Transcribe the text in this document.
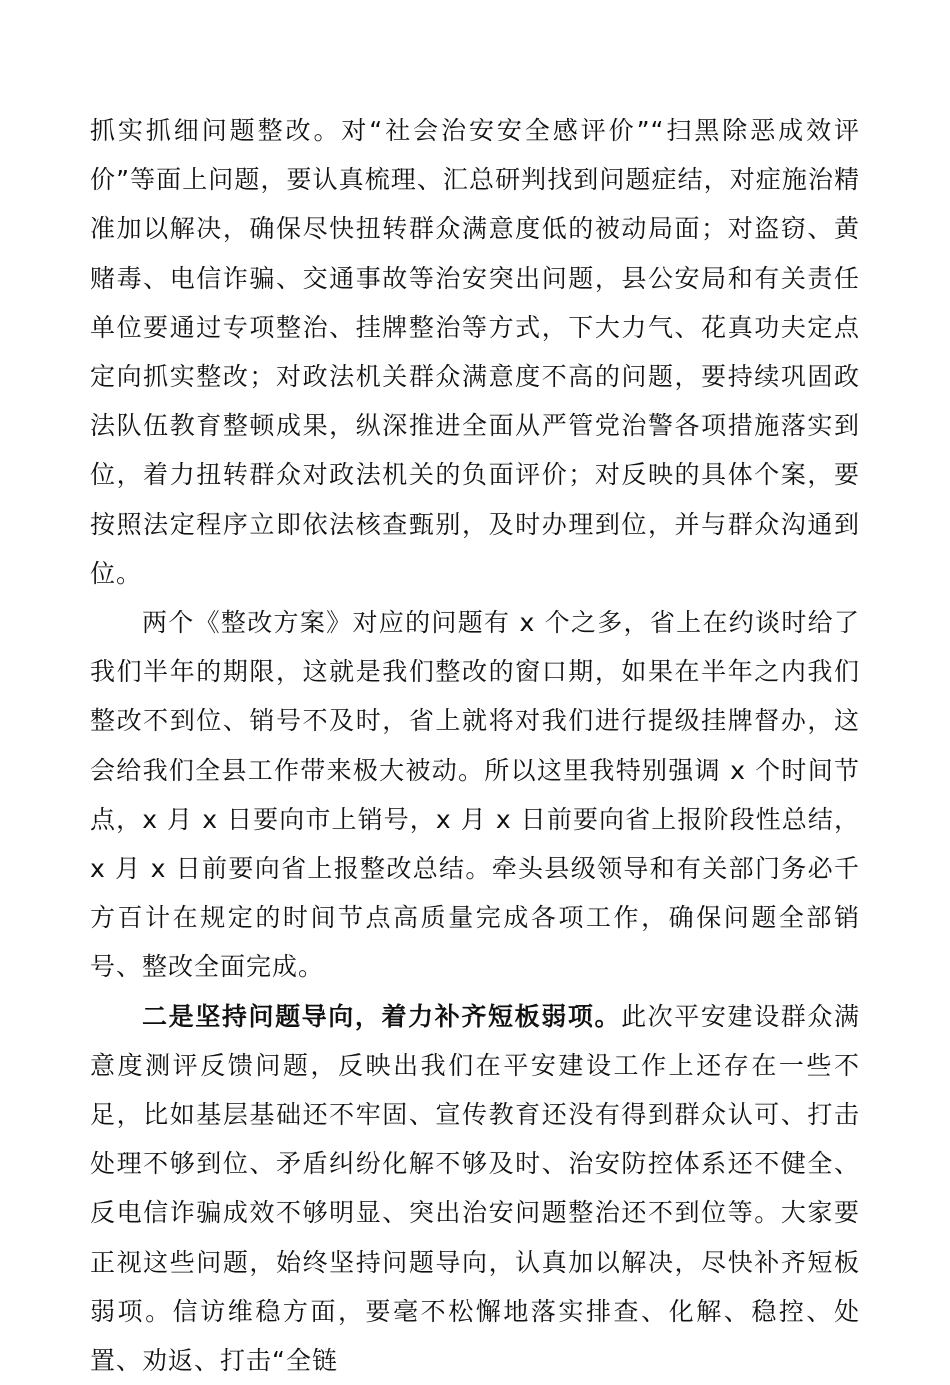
抓实抓细问题整改。对“社会治安安全感评价”“扫黑除恶成效评价”等面上问题，要认真梳理、汇总研判找到问题症结，对症施治精准加以解决，确保尽快扭转群众满意度低的被动局面；对盗窃、黄赌毒、电信诈骗、交通事故等治安突出问题，县公安局和有关责任单位要通过专项整治、挂牌整治等方式，下大力气、花真功夫定点定向抓实整改；对政法机关群众满意度不高的问题，要持续巩固政法队伍教育整顿成果，纵深推进全面从严管党治警各项措施落实到位，着力扭转群众对政法机关的负面评价；对反映的具体个案，要按照法定程序立即依法核查甄别，及时办理到位，并与群众沟通到位。

两个《整改方案》对应的问题有 x 个之多，省上在约谈时给了我们半年的期限，这就是我们整改的窗口期，如果在半年之内我们整改不到位、销号不及时，省上就将对我们进行提级挂牌督办，这会给我们全县工作带来极大被动。所以这里我特别强调 x 个时间节点，x 月 x 日要向市上销号，x 月 x 日前要向省上报阶段性总结，x 月 x 日前要向省上报整改总结。牵头县级领导和有关部门务必千方百计在规定的时间节点高质量完成各项工作，确保问题全部销号、整改全面完成。

二是坚持问题导向，着力补齐短板弱项。此次平安建设群众满意度测评反馈问题，反映出我们在平安建设工作上还存在一些不足，比如基层基础还不牢固、宣传教育还没有得到群众认可、打击处理不够到位、矛盾纠纷化解不够及时、治安防控体系还不健全、反电信诈骗成效不够明显、突出治安问题整治还不到位等。大家要正视这些问题，始终坚持问题导向，认真加以解决，尽快补齐短板弱项。信访维稳方面，要毫不松懈地落实排查、化解、稳控、处置、劝返、打击“全链
